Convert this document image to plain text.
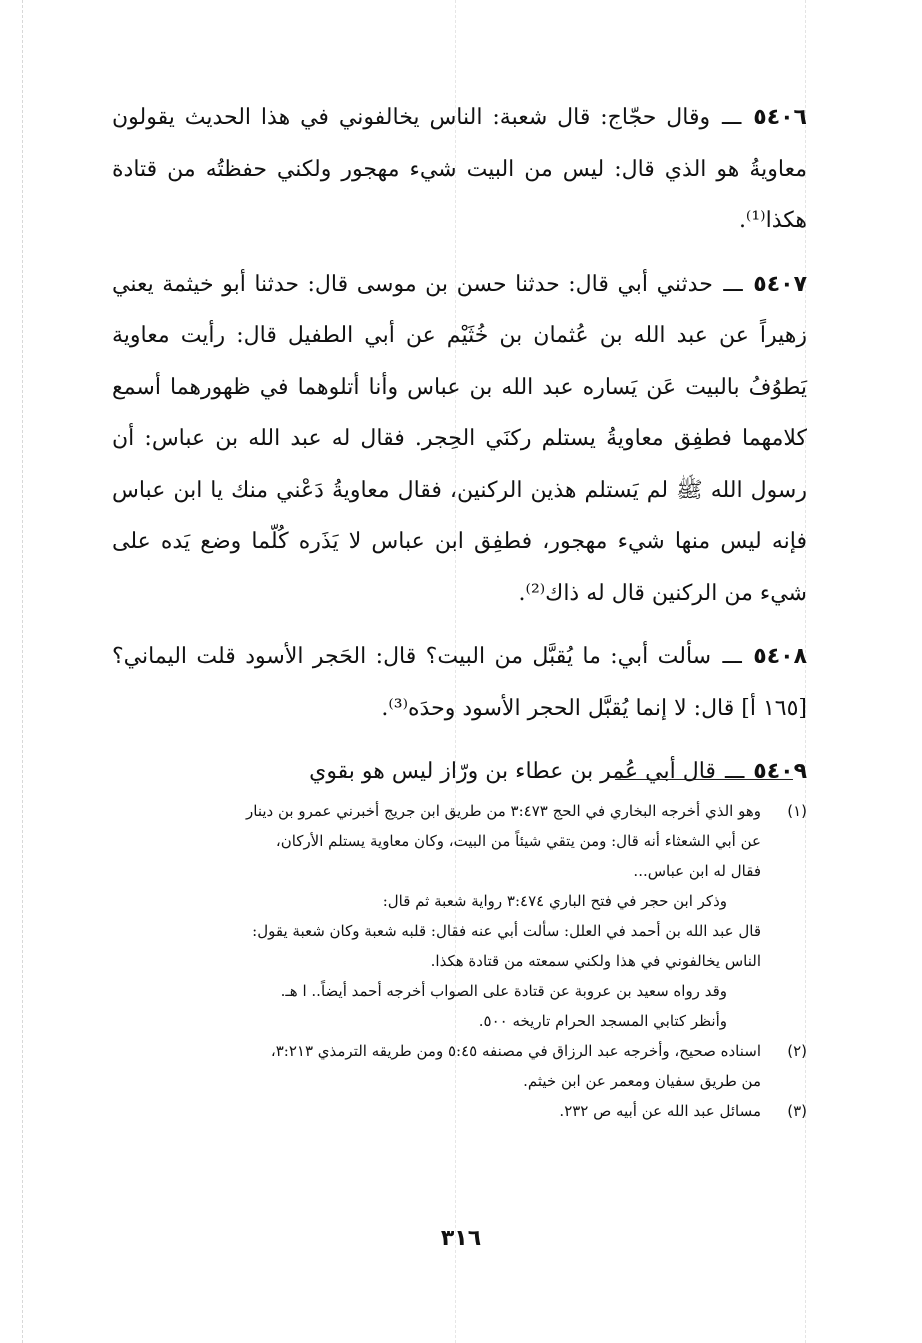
٥٤٠٦ ـــ وقال حجّاج: قال شعبة: الناس يخالفوني في هذا الحديث يقولون معاويةُ هو الذي قال: ليس من البيت شيء مهجور ولكني حفظتُه من قتادة هكذا⁽¹⁾.

٥٤٠٧ ـــ حدثني أبي قال: حدثنا حسن بن موسى قال: حدثنا أبو خيثمة يعني زهيراً عن عبد الله بن عُثمان بن خُثَيْم عن أبي الطفيل قال: رأيت معاوية يَطوُفُ بالبيت عَن يَساره عبد الله بن عباس وأنا أتلوهما في ظهورهما أسمع كلامهما فطفِق معاويةُ يستلم ركنَي الحِجر. فقال له عبد الله بن عباس: أن رسول الله ﷺ لم يَستلم هذين الركنين، فقال معاويةُ دَعْني منك يا ابن عباس فإنه ليس منها شيء مهجور، فطفِق ابن عباس لا يَذَره كُلّما وضع يَده على شيء من الركنين قال له ذاك⁽²⁾.

٥٤٠٨ ـــ سألت أبي: ما يُقبَّل من البيت؟ قال: الحَجر الأسود قلت اليماني؟ [١٦٥ أ] قال: لا إنما يُقبَّل الحجر الأسود وحدَه⁽³⁾.

٥٤٠٩ ـــ قال أبي عُمر بن عطاء بن ورّاز ليس هو بقوي

(١)
وهو الذي أخرجه البخاري في الحج ٣:٤٧٣ من طريق ابن جريج أخبرني عمرو بن دينار
عن أبي الشعثاء أنه قال: ومن يتقي شيئاً من البيت، وكان معاوية يستلم الأركان،
فقال له ابن عباس...
وذكر ابن حجر في فتح الباري ٣:٤٧٤ رواية شعبة ثم قال:
قال عبد الله بن أحمد في العلل: سألت أبي عنه فقال: قلبه شعبة وكان شعبة يقول:
الناس يخالفوني في هذا ولكني سمعته من قتادة هكذا.
وقد رواه سعيد بن عروبة عن قتادة على الصواب أخرجه أحمد أيضاً.. ا هـ.
وأنظر كتابي المسجد الحرام تاريخه ٥٠٠.
(٢)
اسناده صحيح، وأخرجه عبد الرزاق في مصنفه ٥:٤٥ ومن طريقه الترمذي ٣:٢١٣،
من طريق سفيان ومعمر عن ابن خيثم.
(٣)
مسائل عبد الله عن أبيه ص ٢٣٢.
٣١٦
